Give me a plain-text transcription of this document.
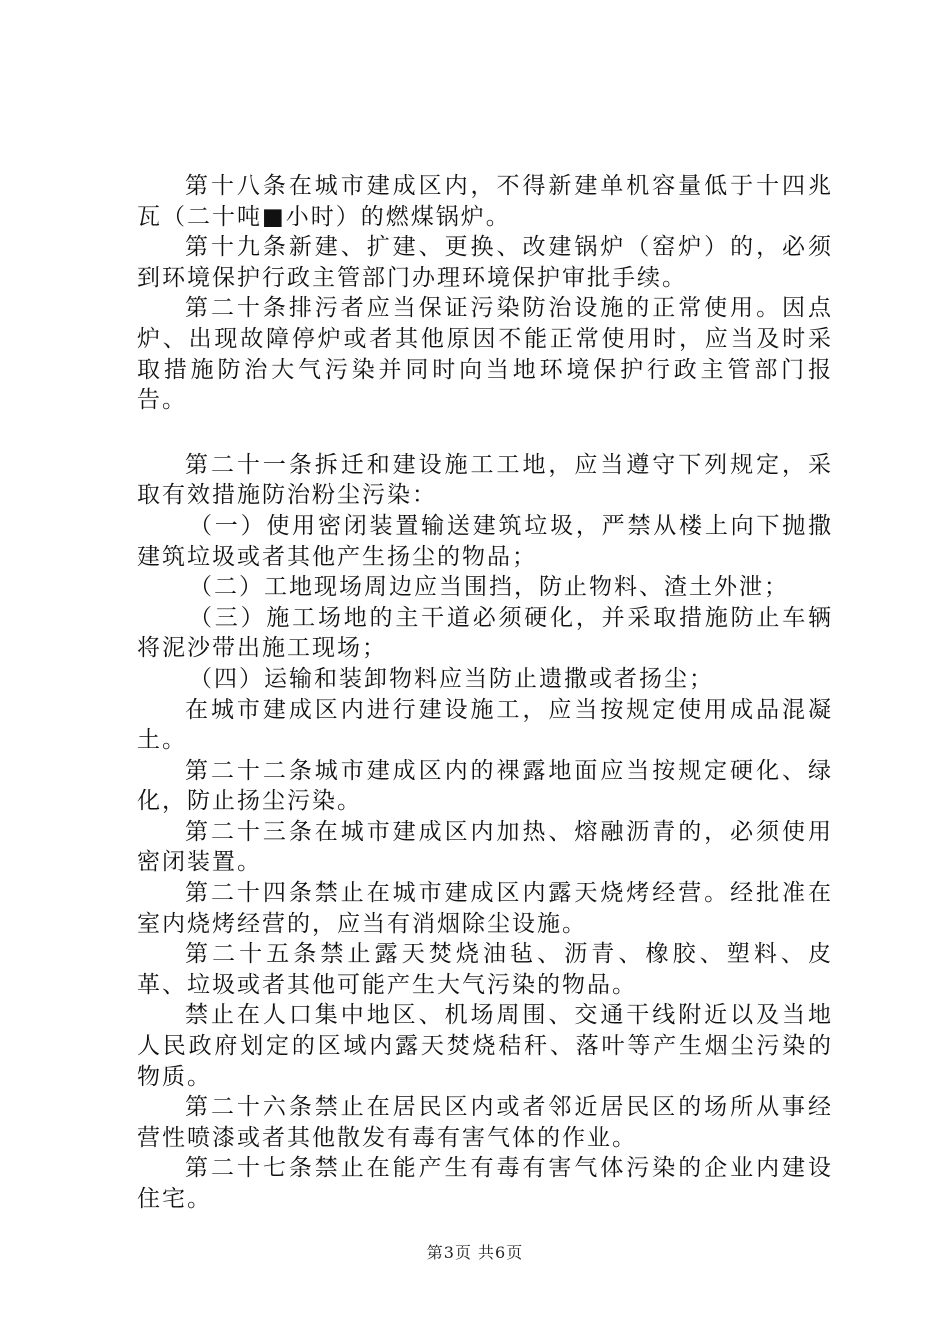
第十八条在城市建成区内，不得新建单机容量低于十四兆瓦（二十吨■小时）的燃煤锅炉。

第十九条新建、扩建、更换、改建锅炉（窑炉）的，必须到环境保护行政主管部门办理环境保护审批手续。

第二十条排污者应当保证污染防治设施的正常使用。因点炉、出现故障停炉或者其他原因不能正常使用时，应当及时采取措施防治大气污染并同时向当地环境保护行政主管部门报告。

第二十一条拆迁和建设施工工地，应当遵守下列规定，采取有效措施防治粉尘污染：

（一）使用密闭装置输送建筑垃圾，严禁从楼上向下抛撒建筑垃圾或者其他产生扬尘的物品；

（二）工地现场周边应当围挡，防止物料、渣土外泄；

（三）施工场地的主干道必须硬化，并采取措施防止车辆将泥沙带出施工现场；

（四）运输和装卸物料应当防止遗撒或者扬尘；

在城市建成区内进行建设施工，应当按规定使用成品混凝土。

第二十二条城市建成区内的裸露地面应当按规定硬化、绿化，防止扬尘污染。

第二十三条在城市建成区内加热、熔融沥青的，必须使用密闭装置。

第二十四条禁止在城市建成区内露天烧烤经营。经批准在室内烧烤经营的，应当有消烟除尘设施。

第二十五条禁止露天焚烧油毡、沥青、橡胶、塑料、皮革、垃圾或者其他可能产生大气污染的物品。

禁止在人口集中地区、机场周围、交通干线附近以及当地人民政府划定的区域内露天焚烧秸秆、落叶等产生烟尘污染的物质。

第二十六条禁止在居民区内或者邻近居民区的场所从事经营性喷漆或者其他散发有毒有害气体的作业。

第二十七条禁止在能产生有毒有害气体污染的企业内建设住宅。

第3页 共6页
